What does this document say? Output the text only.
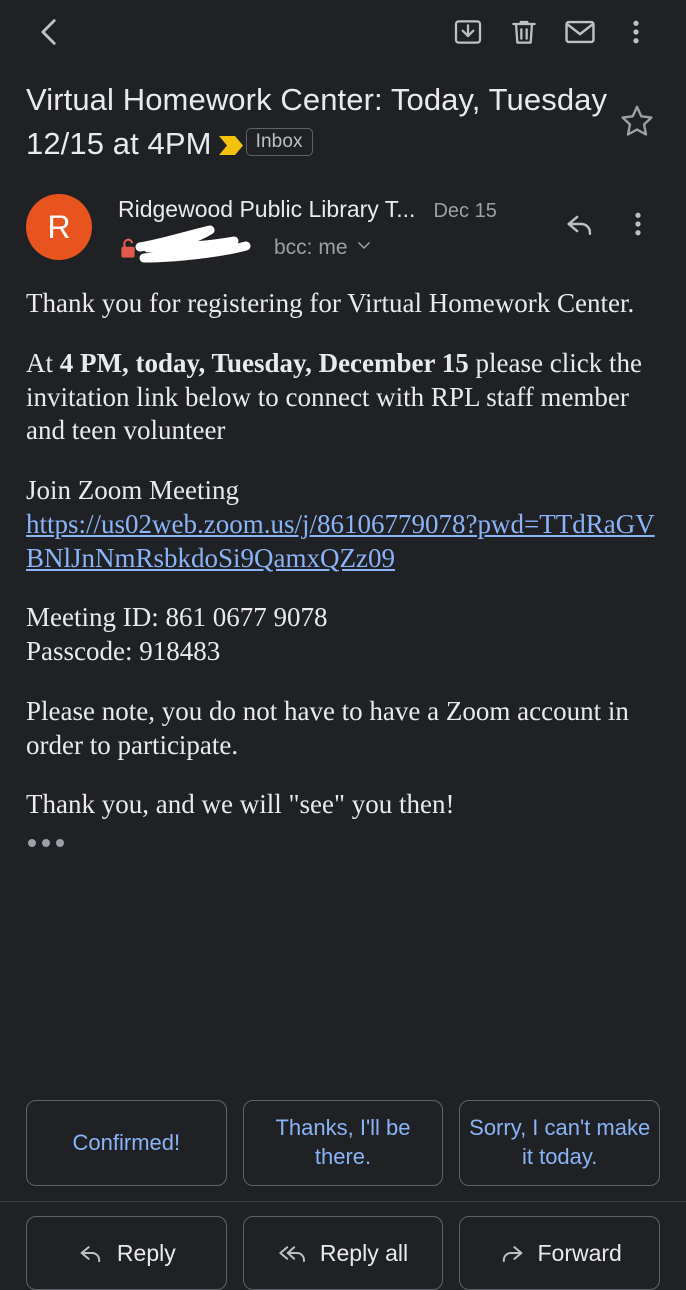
Virtual Homework Center: Today, Tuesday 12/15 at 4PM Inbox
R	Ridgewood Public Library T... Dec 15
bcc: me

Thank you for registering for Virtual Homework Center.

At 4 PM, today, Tuesday, December 15 please click the invitation link below to connect with RPL staff member and teen volunteer

Join Zoom Meeting

https://us02web.zoom.us/j/86106779078?pwd=TTdRaGVBNlJnNmRsbkdoSi9QamxQZz09

Meeting ID: 861 0677 9078

Passcode: 918483

Please note, you do not have to have a Zoom account in order to participate.

Thank you, and we will "see" you then!

Confirmed!
Thanks, I'll be there.
Sorry, I can't make it today.
Reply	Reply all	Forward
